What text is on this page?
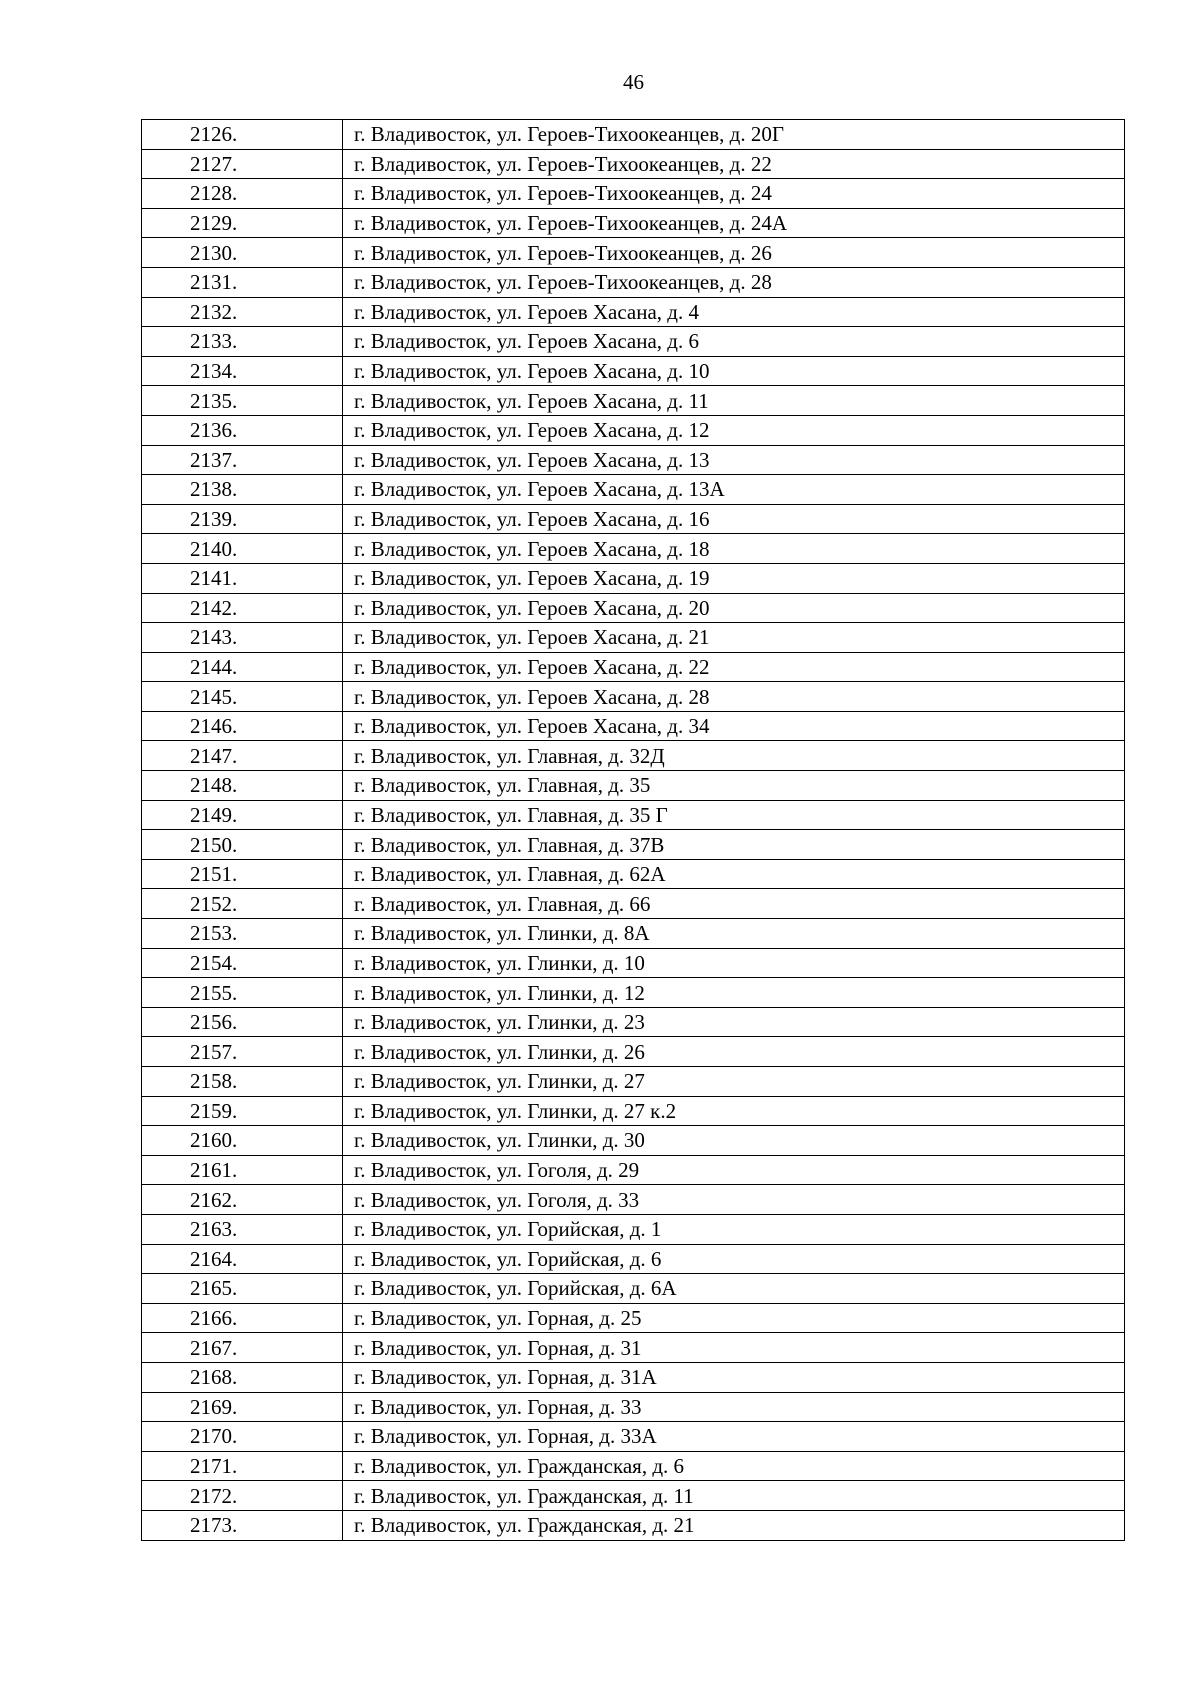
46
2126.	г. Владивосток, ул. Героев-Тихоокеанцев, д. 20Г
2127.	г. Владивосток, ул. Героев-Тихоокеанцев, д. 22
2128.	г. Владивосток, ул. Героев-Тихоокеанцев, д. 24
2129.	г. Владивосток, ул. Героев-Тихоокеанцев, д. 24А
2130.	г. Владивосток, ул. Героев-Тихоокеанцев, д. 26
2131.	г. Владивосток, ул. Героев-Тихоокеанцев, д. 28
2132.	г. Владивосток, ул. Героев Хасана, д. 4
2133.	г. Владивосток, ул. Героев Хасана, д. 6
2134.	г. Владивосток, ул. Героев Хасана, д. 10
2135.	г. Владивосток, ул. Героев Хасана, д. 11
2136.	г. Владивосток, ул. Героев Хасана, д. 12
2137.	г. Владивосток, ул. Героев Хасана, д. 13
2138.	г. Владивосток, ул. Героев Хасана, д. 13А
2139.	г. Владивосток, ул. Героев Хасана, д. 16
2140.	г. Владивосток, ул. Героев Хасана, д. 18
2141.	г. Владивосток, ул. Героев Хасана, д. 19
2142.	г. Владивосток, ул. Героев Хасана, д. 20
2143.	г. Владивосток, ул. Героев Хасана, д. 21
2144.	г. Владивосток, ул. Героев Хасана, д. 22
2145.	г. Владивосток, ул. Героев Хасана, д. 28
2146.	г. Владивосток, ул. Героев Хасана, д. 34
2147.	г. Владивосток, ул. Главная, д. 32Д
2148.	г. Владивосток, ул. Главная, д. 35
2149.	г. Владивосток, ул. Главная, д. 35 Г
2150.	г. Владивосток, ул. Главная, д. 37В
2151.	г. Владивосток, ул. Главная, д. 62А
2152.	г. Владивосток, ул. Главная, д. 66
2153.	г. Владивосток, ул. Глинки, д. 8А
2154.	г. Владивосток, ул. Глинки, д. 10
2155.	г. Владивосток, ул. Глинки, д. 12
2156.	г. Владивосток, ул. Глинки, д. 23
2157.	г. Владивосток, ул. Глинки, д. 26
2158.	г. Владивосток, ул. Глинки, д. 27
2159.	г. Владивосток, ул. Глинки, д. 27 к.2
2160.	г. Владивосток, ул. Глинки, д. 30
2161.	г. Владивосток, ул. Гоголя, д. 29
2162.	г. Владивосток, ул. Гоголя, д. 33
2163.	г. Владивосток, ул. Горийская, д. 1
2164.	г. Владивосток, ул. Горийская, д. 6
2165.	г. Владивосток, ул. Горийская, д. 6А
2166.	г. Владивосток, ул. Горная, д. 25
2167.	г. Владивосток, ул. Горная, д. 31
2168.	г. Владивосток, ул. Горная, д. 31А
2169.	г. Владивосток, ул. Горная, д. 33
2170.	г. Владивосток, ул. Горная, д. 33А
2171.	г. Владивосток, ул. Гражданская, д. 6
2172.	г. Владивосток, ул. Гражданская, д. 11
2173.	г. Владивосток, ул. Гражданская, д. 21
